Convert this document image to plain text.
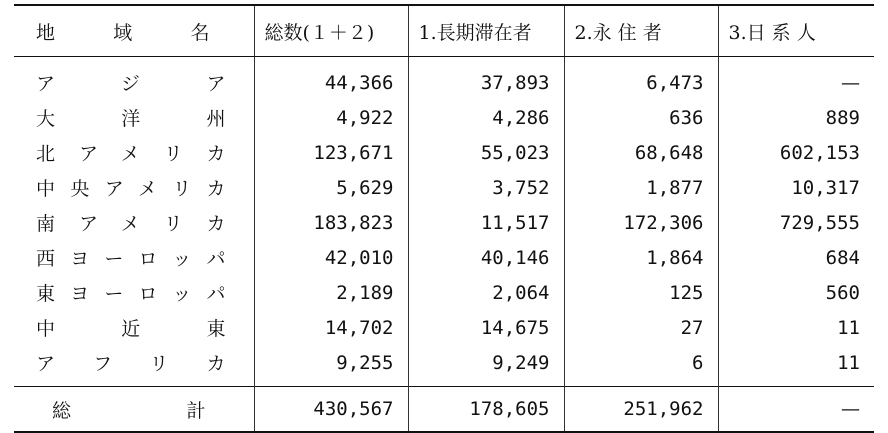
地　域　名	総数(１＋２)	1.長期滞在者	2.永 住 者	3.日 系 人
アジア	44,366	37,893	6,473	—
大洋州	4,922	4,286	636	889
北アメリカ	123,671	55,023	68,648	602,153
中央アメリカ	5,629	3,752	1,877	10,317
南アメリカ	183,823	11,517	172,306	729,555
西ヨーロッパ	42,010	40,146	1,864	684
東ヨーロッパ	2,189	2,064	125	560
中近東	14,702	14,675	27	11
アフリカ	9,255	9,249	6	11
総計	430,567	178,605	251,962	—
